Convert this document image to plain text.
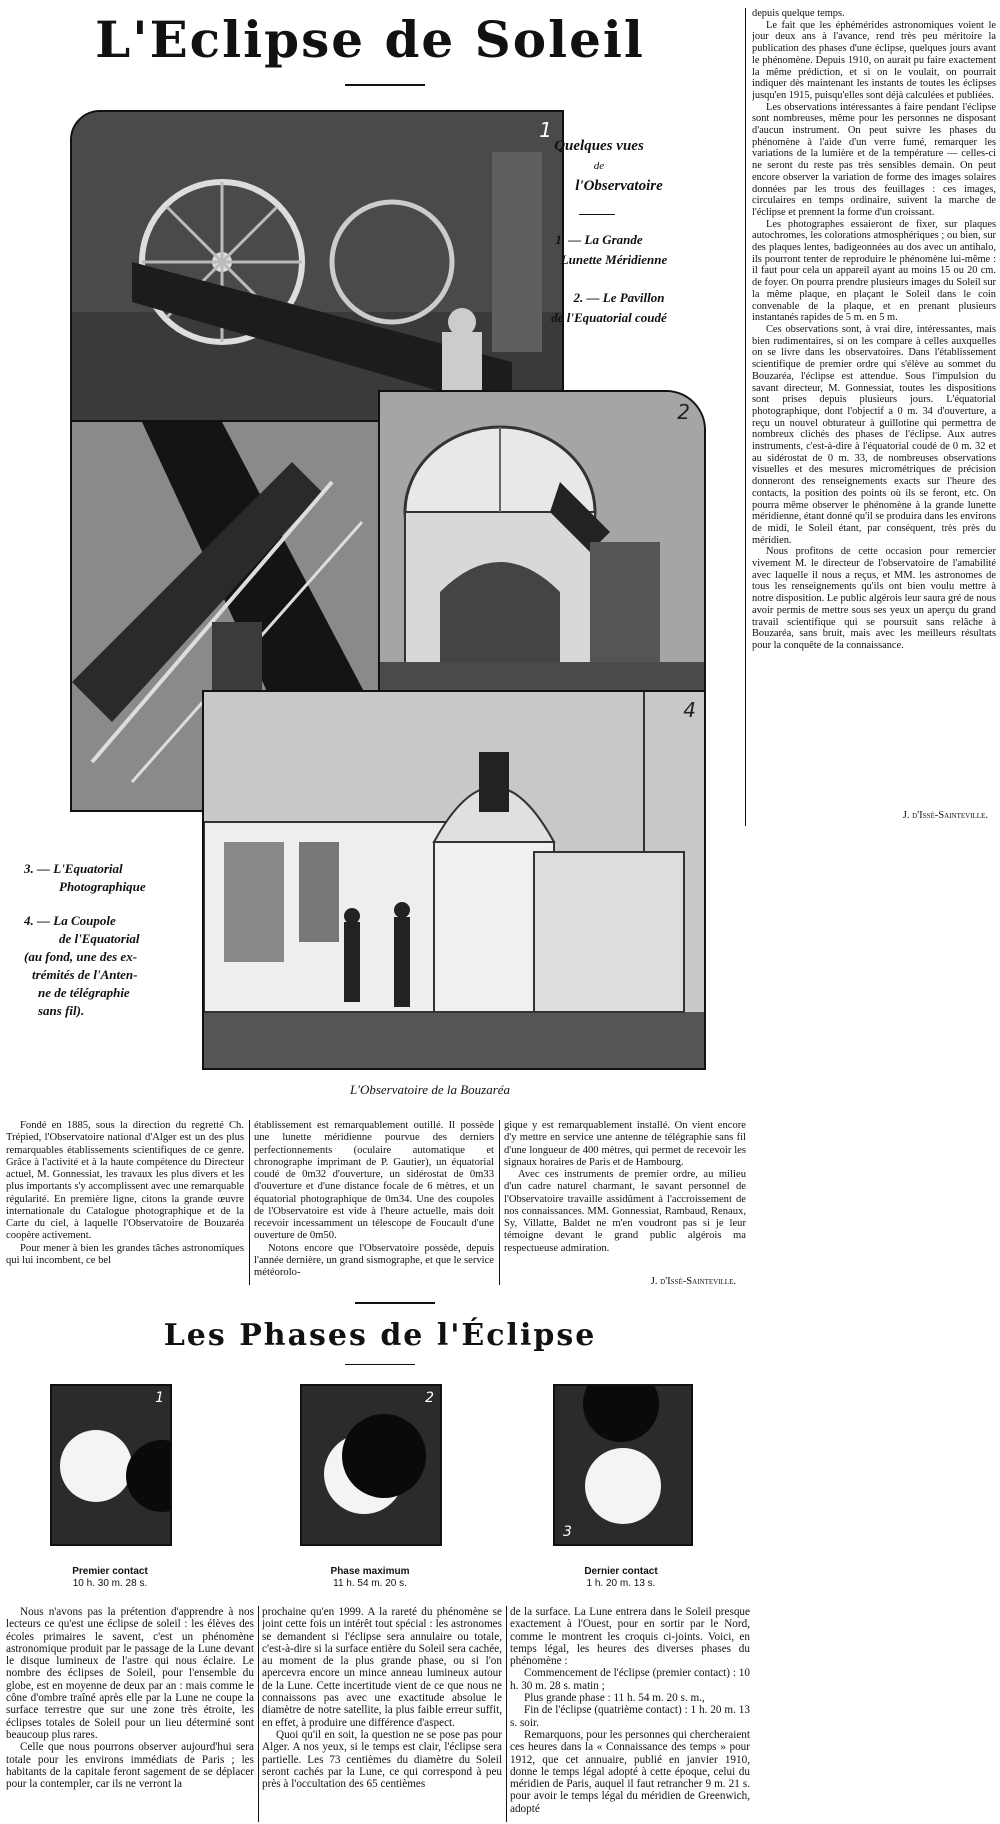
L'Eclipse de Soleil
1
Quelques vues
de
l'Observatoire
1. — La Grande
Lunette Méridienne
2. — Le Pavillon
de l'Equatorial coudé
2
4
3. — L'Equatorial
Photographique
4. — La Coupole
de l'Equatorial
(au fond, une des ex-
trémités de l'Anten-
ne de télégraphie
sans fil).
L'Observatoire de la Bouzaréa

depuis quelque temps.

Le fait que les éphémérides astronomiques voient le jour deux ans à l'avance, rend très peu méritoire la publication des phases d'une éclipse, quelques jours avant le phénomène. Depuis 1910, on aurait pu faire exactement la même prédiction, et si on le voulait, on pourrait indiquer dès maintenant les instants de toutes les éclipses jusqu'en 1915, puisqu'elles sont déjà calculées et publiées.

Les observations intéressantes à faire pendant l'éclipse sont nombreuses, même pour les personnes ne disposant d'aucun instrument. On peut suivre les phases du phénomène à l'aide d'un verre fumé, remarquer les variations de la lumière et de la température — celles-ci ne seront du reste pas très sensibles demain. On peut encore observer la variation de forme des images solaires données par les trous des feuillages : ces images, circulaires en temps ordinaire, suivent la marche de l'éclipse et prennent la forme d'un croissant.

Les photographes essaieront de fixer, sur plaques autochromes, les colorations atmosphériques ; ou bien, sur des plaques lentes, badigeonnées au dos avec un antihalo, ils pourront tenter de reproduire le phénomène lui-même : il faut pour cela un appareil ayant au moins 15 ou 20 cm. de foyer. On pourra prendre plusieurs images du Soleil sur la même plaque, en plaçant le Soleil dans le coin convenable de la plaque, et en prenant plusieurs instantanés rapides de 5 m. en 5 m.

Ces observations sont, à vrai dire, intéressantes, mais bien rudimentaires, si on les compare à celles auxquelles on se livre dans les observatoires. Dans l'établissement scientifique de premier ordre qui s'élève au sommet du Bouzaréa, l'éclipse est attendue. Sous l'impulsion du savant directeur, M. Gonnessiat, toutes les dispositions sont prises depuis plusieurs jours. L'équatorial photographique, dont l'objectif a 0 m. 34 d'ouverture, a reçu un nouvel obturateur à guillotine qui permettra de nombreux clichés des phases de l'éclipse. Aux autres instruments, c'est-à-dire à l'équatorial coudé de 0 m. 32 et au sidérostat de 0 m. 33, de nombreuses observations visuelles et des mesures micrométriques de précision donneront des renseignements exacts sur l'heure des contacts, la position des points où ils se feront, etc. On pourra même observer le phénomène à la grande lunette méridienne, étant donné qu'il se produira dans les environs de midi, le Soleil étant, par conséquent, très près du méridien.

Nous profitons de cette occasion pour remercier vivement M. le directeur de l'observatoire de l'amabilité avec laquelle il nous a reçus, et MM. les astronomes de tous les renseignements qu'ils ont bien voulu mettre à notre disposition. Le public algérois leur saura gré de nous avoir permis de mettre sous ses yeux un aperçu du grand travail scientifique qui se poursuit sans relâche à Bouzaréa, sans bruit, mais avec les meilleurs résultats pour la conquête de la connaissance.

J. d'Issé-Sainteville.

Fondé en 1885, sous la direction du regretté Ch. Trépied, l'Observatoire national d'Alger est un des plus remarquables établissements scientifiques de ce genre. Grâce à l'activité et à la haute compétence du Directeur actuel, M. Gonnessiat, les travaux les plus divers et les plus importants s'y accomplissent avec une remarquable régularité. En première ligne, citons la grande œuvre internationale du Catalogue photographique et de la Carte du ciel, à laquelle l'Observatoire de Bouzaréa coopère activement.

Pour mener à bien les grandes tâches astronomiques qui lui incombent, ce bel

établissement est remarquablement outillé. Il possède une lunette méridienne pourvue des derniers perfectionnements (oculaire automatique et chronographe imprimant de P. Gautier), un équatorial coudé de 0m32 d'ouverture, un sidérostat de 0m33 d'ouverture et d'une distance focale de 6 mètres, et un équatorial photographique de 0m34. Une des coupoles de l'Observatoire est vide à l'heure actuelle, mais doit recevoir incessamment un télescope de Foucault d'une ouverture de 0m50.

Notons encore que l'Observatoire possède, depuis l'année dernière, un grand sismographe, et que le service météorolo-

gique y est remarquablement installé. On vient encore d'y mettre en service une antenne de télégraphie sans fil d'une longueur de 400 mètres, qui permet de recevoir les signaux horaires de Paris et de Hambourg.

Avec ces instruments de premier ordre, au milieu d'un cadre naturel charmant, le savant personnel de l'Observatoire travaille assidûment à l'accroissement de nos connaissances. MM. Gonnessiat, Rambaud, Renaux, Sy, Villatte, Baldet ne m'en voudront pas si je leur témoigne devant le grand public algérois ma respectueuse admiration.

J. d'Issé-Sainteville.
Les Phases de l'Éclipse
1
Premier contact
10 h. 30 m. 28 s.
2
Phase maximum
11 h. 54 m. 20 s.
3
Dernier contact
1 h. 20 m. 13 s.

Nous n'avons pas la prétention d'apprendre à nos lecteurs ce qu'est une éclipse de soleil : les élèves des écoles primaires le savent, c'est un phénomène astronomique produit par le passage de la Lune devant le disque lumineux de l'astre qui nous éclaire. Le nombre des éclipses de Soleil, pour l'ensemble du globe, est en moyenne de deux par an : mais comme le cône d'ombre traîné après elle par la Lune ne coupe la surface terrestre que sur une zone très étroite, les éclipses totales de Soleil pour un lieu déterminé sont beaucoup plus rares.

Celle que nous pourrons observer aujourd'hui sera totale pour les environs immédiats de Paris ; les habitants de la capitale feront sagement de se déplacer pour la contempler, car ils ne verront la

prochaine qu'en 1999. A la rareté du phénomène se joint cette fois un intérêt tout spécial : les astronomes se demandent si l'éclipse sera annulaire ou totale, c'est-à-dire si la surface entière du Soleil sera cachée, au moment de la plus grande phase, ou si l'on apercevra encore un mince anneau lumineux autour de la Lune. Cette incertitude vient de ce que nous ne connaissons pas avec une exactitude absolue le diamètre de notre satellite, la plus faible erreur suffit, en effet, à produire une différence d'aspect.

Quoi qu'il en soit, la question ne se pose pas pour Alger. A nos yeux, si le temps est clair, l'éclipse sera partielle. Les 73 centièmes du diamètre du Soleil seront cachés par la Lune, ce qui correspond à peu près à l'occultation des 65 centièmes

de la surface. La Lune entrera dans le Soleil presque exactement à l'Ouest, pour en sortir par le Nord, comme le montrent les croquis ci-joints. Voici, en temps légal, les heures des diverses phases du phénomène :

Commencement de l'éclipse (premier contact) : 10 h. 30 m. 28 s. matin ;

Plus grande phase : 11 h. 54 m. 20 s. m.,

Fin de l'éclipse (quatrième contact) : 1 h. 20 m. 13 s. soir.

Remarquons, pour les personnes qui chercheraient ces heures dans la « Connaissance des temps » pour 1912, que cet annuaire, publié en janvier 1910, donne le temps légal adopté à cette époque, celui du méridien de Paris, auquel il faut retrancher 9 m. 21 s. pour avoir le temps légal du méridien de Greenwich, adopté
